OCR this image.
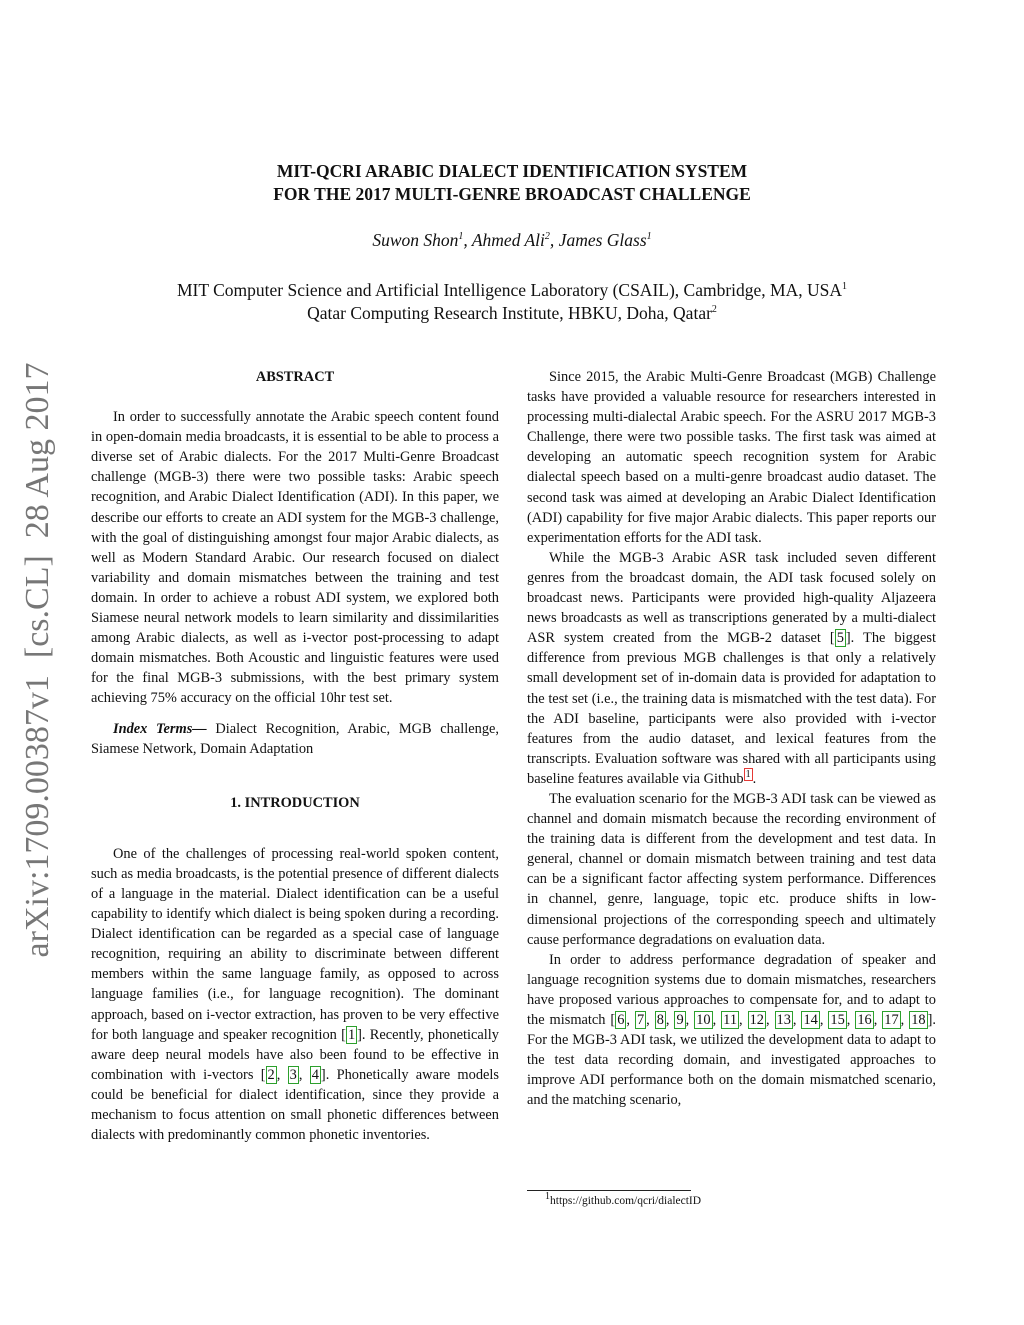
arXiv:1709.00387v1  [cs.CL]  28 Aug 2017
MIT-QCRI ARABIC DIALECT IDENTIFICATION SYSTEM
FOR THE 2017 MULTI-GENRE BROADCAST CHALLENGE
Suwon Shon$^1$, Ahmed Ali$^2$, James Glass$^1$
MIT Computer Science and Artificial Intelligence Laboratory (CSAIL), Cambridge, MA, USA$^1$
Qatar Computing Research Institute, HBKU, Doha, Qatar$^2$
ABSTRACT

In order to successfully annotate the Arabic speech content found in open-domain media broadcasts, it is essential to be able to process a diverse set of Arabic dialects. For the 2017 Multi-Genre Broadcast challenge (MGB-3) there were two possible tasks: Arabic speech recognition, and Arabic Dialect Identification (ADI). In this paper, we describe our efforts to create an ADI system for the MGB-3 challenge, with the goal of distinguishing amongst four major Arabic dialects, as well as Modern Standard Arabic. Our research focused on dialect variability and domain mismatches between the training and test domain. In order to achieve a robust ADI system, we explored both Siamese neural network models to learn similarity and dissimilarities among Arabic dialects, as well as i-vector post-processing to adapt domain mismatches. Both Acoustic and linguistic features were used for the final MGB-3 submissions, with the best primary system achieving 75% accuracy on the official 10hr test set.

Index Terms— Dialect Recognition, Arabic, MGB challenge, Siamese Network, Domain Adaptation

1. INTRODUCTION

One of the challenges of processing real-world spoken content, such as media broadcasts, is the potential presence of different dialects of a language in the material. Dialect identification can be a useful capability to identify which dialect is being spoken during a recording. Dialect identification can be regarded as a special case of language recognition, requiring an ability to discriminate between different members within the same language family, as opposed to across language families (i.e., for language recognition). The dominant approach, based on i-vector extraction, has proven to be very effective for both language and speaker recognition [ 1 ]. Recently, phonetically aware deep neural models have also been found to be effective in combination with i-vectors [ 2 , 3 , 4 ]. Phonetically aware models could be beneficial for dialect identification, since they provide a mechanism to focus attention on small phonetic differences between dialects with predominantly common phonetic inventories.

Since 2015, the Arabic Multi-Genre Broadcast (MGB) Challenge tasks have provided a valuable resource for researchers interested in processing multi-dialectal Arabic speech. For the ASRU 2017 MGB-3 Challenge, there were two possible tasks. The first task was aimed at developing an automatic speech recognition system for Arabic dialectal speech based on a multi-genre broadcast audio dataset. The second task was aimed at developing an Arabic Dialect Identification (ADI) capability for five major Arabic dialects. This paper reports our experimentation efforts for the ADI task.

While the MGB-3 Arabic ASR task included seven different genres from the broadcast domain, the ADI task focused solely on broadcast news. Participants were provided high-quality Aljazeera news broadcasts as well as transcriptions generated by a multi-dialect ASR system created from the MGB-2 dataset [ 5 ]. The biggest difference from previous MGB challenges is that only a relatively small development set of in-domain data is provided for adaptation to the test set (i.e., the training data is mismatched with the test data). For the ADI baseline, participants were also provided with i-vector features from the audio dataset, and lexical features from the transcripts. Evaluation software was shared with all participants using baseline features available via Github $^1$ .

The evaluation scenario for the MGB-3 ADI task can be viewed as channel and domain mismatch because the recording environment of the training data is different from the development and test data. In general, channel or domain mismatch between training and test data can be a significant factor affecting system performance. Differences in channel, genre, language, topic etc. produce shifts in low-dimensional projections of the corresponding speech and ultimately cause performance degradations on evaluation data.

In order to address performance degradation of speaker and language recognition systems due to domain mismatches, researchers have proposed various approaches to compensate for, and to adapt to the mismatch [ 6 , 7 , 8 , 9 , 10 , 11 , 12 , 13 , 14 , 15 , 16 , 17 , 18 ]. For the MGB-3 ADI task, we utilized the development data to adapt to the test data recording domain, and investigated approaches to improve ADI performance both on the domain mismatched scenario, and the matching scenario,

$^1$https://github.com/qcri/dialectID
